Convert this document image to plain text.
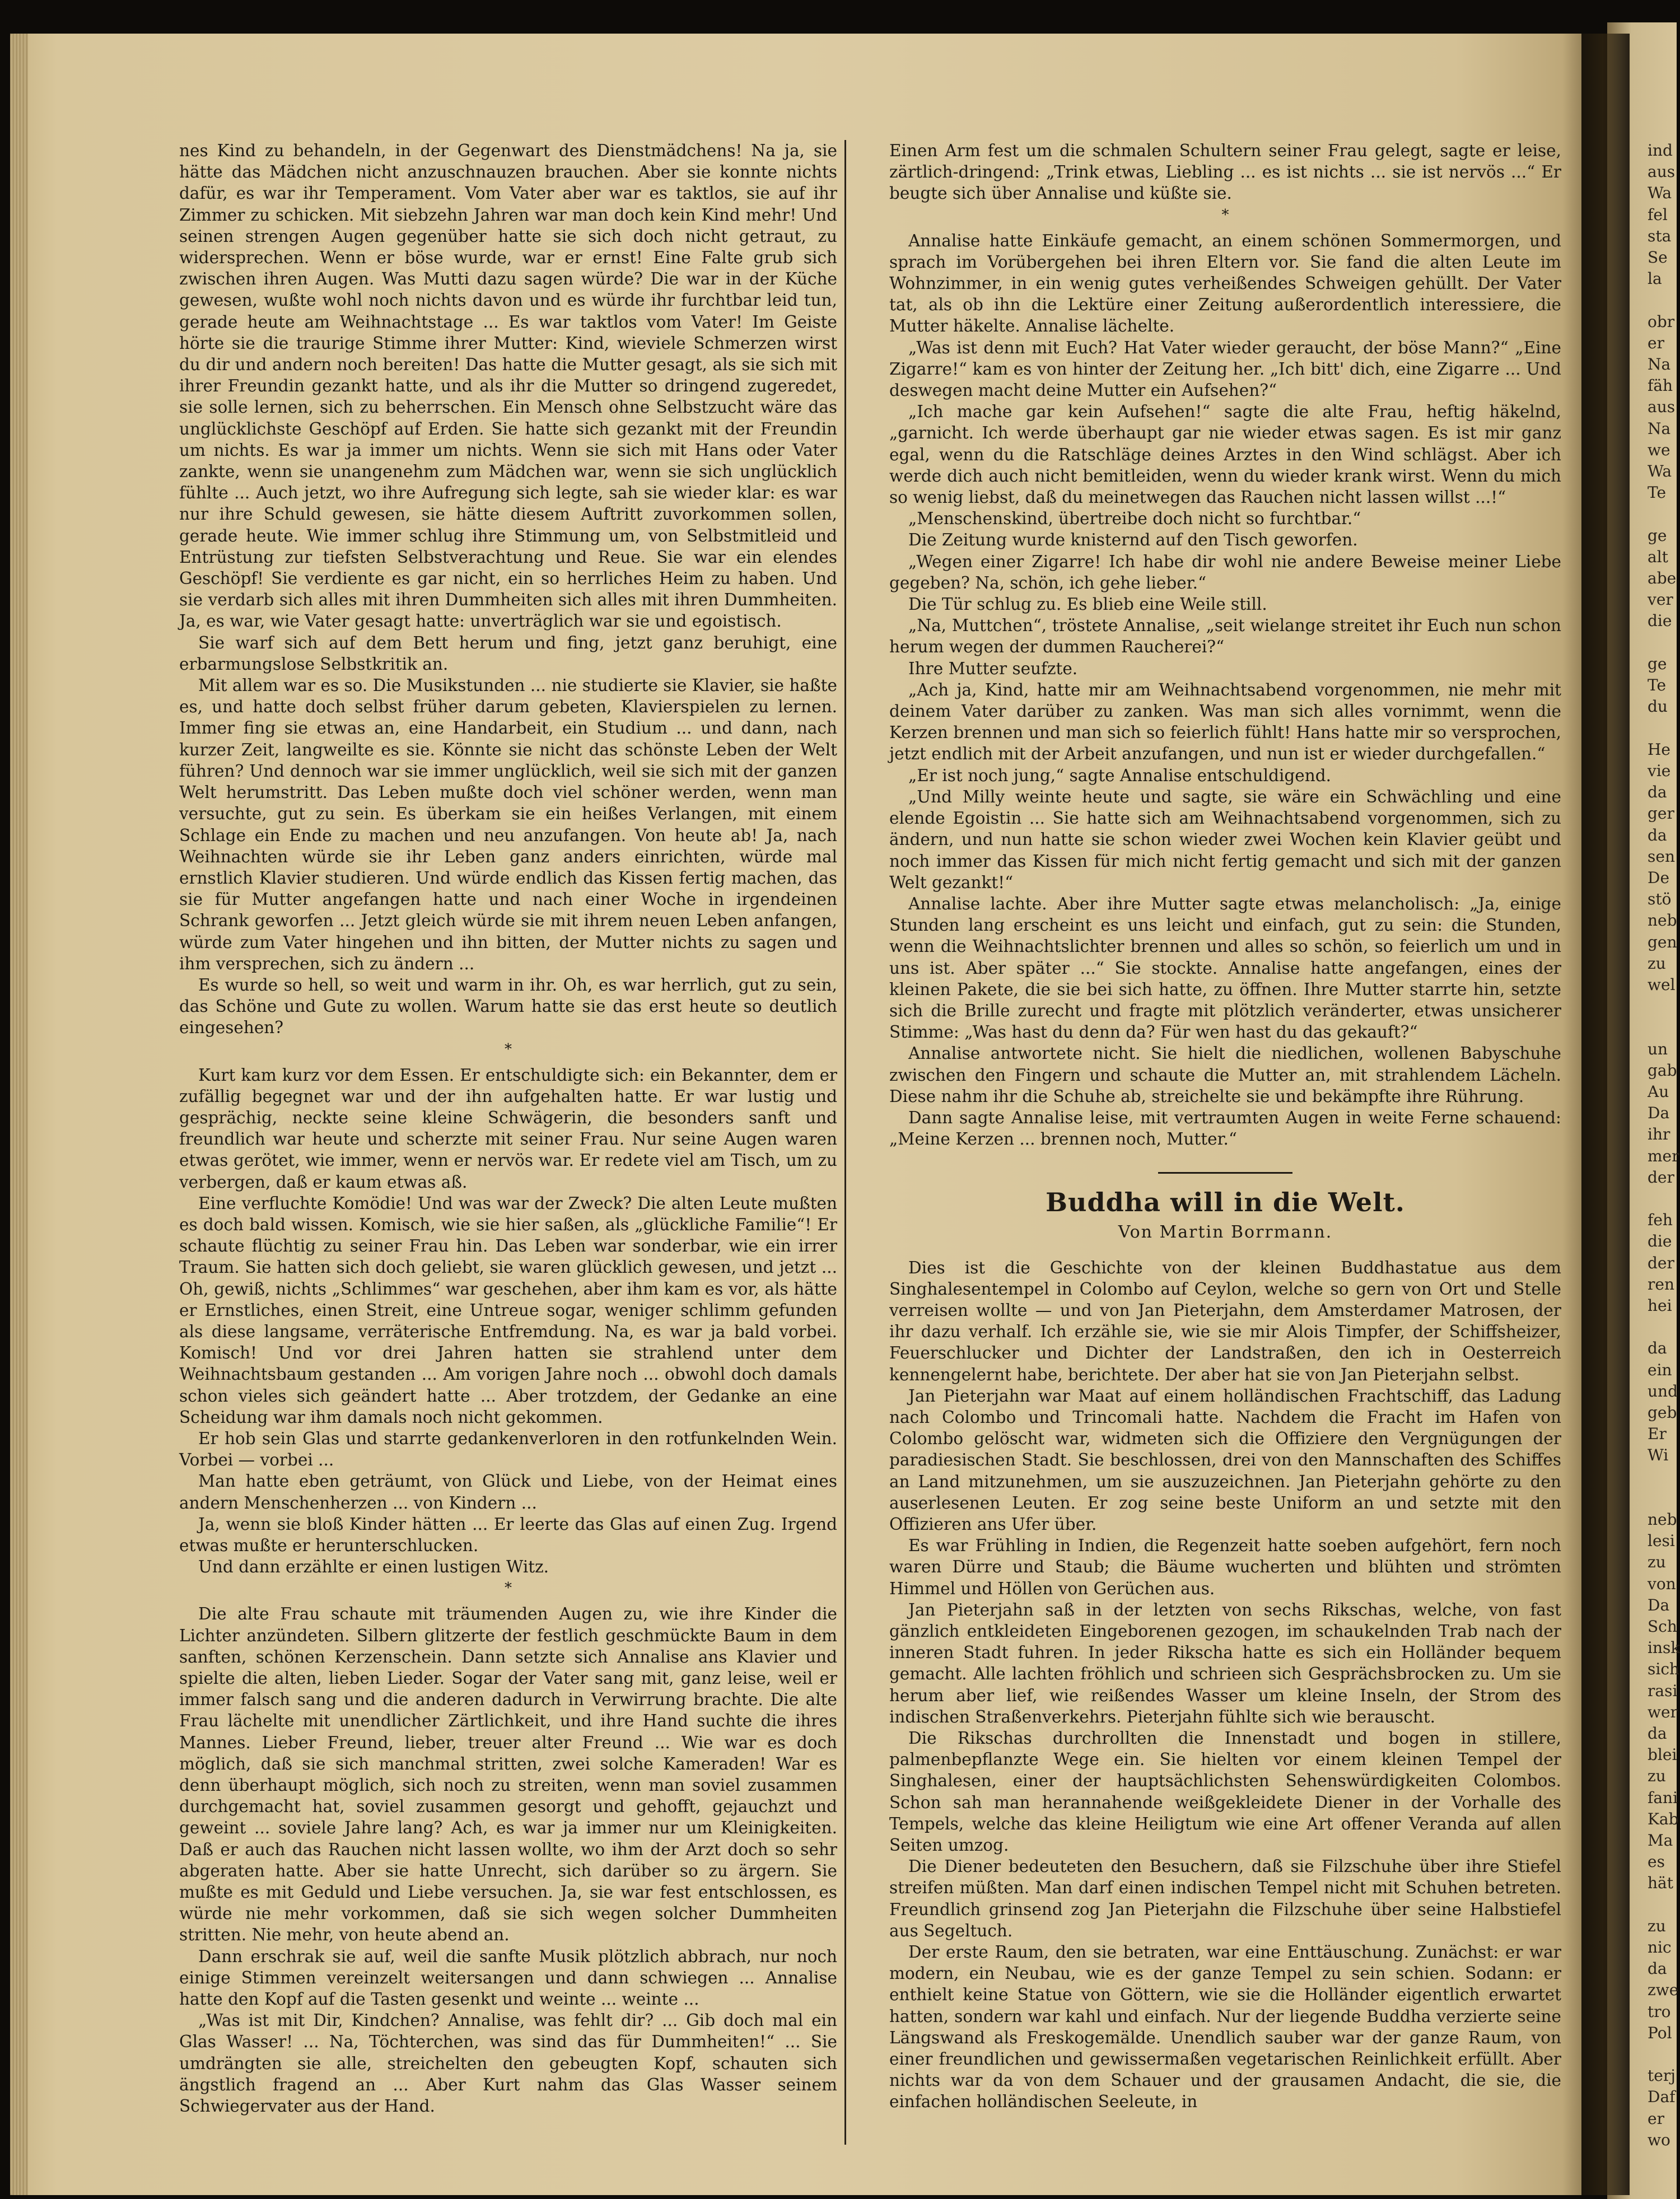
nes Kind zu behandeln, in der Gegenwart des Dienstmädchens! Na ja, sie hätte das Mädchen nicht anzuschnauzen brauchen. Aber sie konnte nichts dafür, es war ihr Temperament. Vom Vater aber war es taktlos, sie auf ihr Zimmer zu schicken. Mit siebzehn Jahren war man doch kein Kind mehr! Und seinen strengen Augen gegenüber hatte sie sich doch nicht getraut, zu widersprechen. Wenn er böse wurde, war er ernst! Eine Falte grub sich zwischen ihren Augen. Was Mutti dazu sagen würde? Die war in der Küche gewesen, wußte wohl noch nichts davon und es würde ihr furchtbar leid tun, gerade heute am Weihnachtstage ... Es war taktlos vom Vater! Im Geiste hörte sie die traurige Stimme ihrer Mutter: Kind, wieviele Schmerzen wirst du dir und andern noch bereiten! Das hatte die Mutter gesagt, als sie sich mit ihrer Freundin gezankt hatte, und als ihr die Mutter so dringend zugeredet, sie solle lernen, sich zu beherrschen. Ein Mensch ohne Selbstzucht wäre das unglücklichste Geschöpf auf Erden. Sie hatte sich gezankt mit der Freundin um nichts. Es war ja immer um nichts. Wenn sie sich mit Hans oder Vater zankte, wenn sie unangenehm zum Mädchen war, wenn sie sich unglücklich fühlte ... Auch jetzt, wo ihre Aufregung sich legte, sah sie wieder klar: es war nur ihre Schuld gewesen, sie hätte diesem Auftritt zuvorkommen sollen, gerade heute. Wie immer schlug ihre Stimmung um, von Selbstmitleid und Entrüstung zur tiefsten Selbstverachtung und Reue. Sie war ein elendes Geschöpf! Sie verdiente es gar nicht, ein so herrliches Heim zu haben. Und sie verdarb sich alles mit ihren Dummheiten sich alles mit ihren Dummheiten. Ja, es war, wie Vater gesagt hatte: unverträglich war sie und egoistisch.

Sie warf sich auf dem Bett herum und fing, jetzt ganz beruhigt, eine erbarmungslose Selbstkritik an.

Mit allem war es so. Die Musikstunden ... nie studierte sie Klavier, sie haßte es, und hatte doch selbst früher darum gebeten, Klavierspielen zu lernen. Immer fing sie etwas an, eine Handarbeit, ein Studium ... und dann, nach kurzer Zeit, langweilte es sie. Könnte sie nicht das schönste Leben der Welt führen? Und dennoch war sie immer unglücklich, weil sie sich mit der ganzen Welt herumstritt. Das Leben mußte doch viel schöner werden, wenn man versuchte, gut zu sein. Es überkam sie ein heißes Verlangen, mit einem Schlage ein Ende zu machen und neu anzufangen. Von heute ab! Ja, nach Weihnachten würde sie ihr Leben ganz anders einrichten, würde mal ernstlich Klavier studieren. Und würde endlich das Kissen fertig machen, das sie für Mutter angefangen hatte und nach einer Woche in irgendeinen Schrank geworfen ... Jetzt gleich würde sie mit ihrem neuen Leben anfangen, würde zum Vater hingehen und ihn bitten, der Mutter nichts zu sagen und ihm versprechen, sich zu ändern ...

Es wurde so hell, so weit und warm in ihr. Oh, es war herrlich, gut zu sein, das Schöne und Gute zu wollen. Warum hatte sie das erst heute so deutlich eingesehen?

*

Kurt kam kurz vor dem Essen. Er entschuldigte sich: ein Bekannter, dem er zufällig begegnet war und der ihn aufgehalten hatte. Er war lustig und gesprächig, neckte seine kleine Schwägerin, die besonders sanft und freundlich war heute und scherzte mit seiner Frau. Nur seine Augen waren etwas gerötet, wie immer, wenn er nervös war. Er redete viel am Tisch, um zu verbergen, daß er kaum etwas aß.

Eine verfluchte Komödie! Und was war der Zweck? Die alten Leute mußten es doch bald wissen. Komisch, wie sie hier saßen, als „glückliche Familie“! Er schaute flüchtig zu seiner Frau hin. Das Leben war sonderbar, wie ein irrer Traum. Sie hatten sich doch geliebt, sie waren glücklich gewesen, und jetzt ... Oh, gewiß, nichts „Schlimmes“ war geschehen, aber ihm kam es vor, als hätte er Ernstliches, einen Streit, eine Untreue sogar, weniger schlimm gefunden als diese langsame, verräterische Entfremdung. Na, es war ja bald vorbei. Komisch! Und vor drei Jahren hatten sie strahlend unter dem Weihnachtsbaum gestanden ... Am vorigen Jahre noch ... obwohl doch damals schon vieles sich geändert hatte ... Aber trotzdem, der Gedanke an eine Scheidung war ihm damals noch nicht gekommen.

Er hob sein Glas und starrte gedankenverloren in den rotfunkelnden Wein. Vorbei — vorbei ...

Man hatte eben geträumt, von Glück und Liebe, von der Heimat eines andern Menschenherzen ... von Kindern ...

Ja, wenn sie bloß Kinder hätten ... Er leerte das Glas auf einen Zug. Irgend etwas mußte er herunterschlucken.

Und dann erzählte er einen lustigen Witz.

*

Die alte Frau schaute mit träumenden Augen zu, wie ihre Kinder die Lichter anzündeten. Silbern glitzerte der festlich geschmückte Baum in dem sanften, schönen Kerzenschein. Dann setzte sich Annalise ans Klavier und spielte die alten, lieben Lieder. Sogar der Vater sang mit, ganz leise, weil er immer falsch sang und die anderen dadurch in Verwirrung brachte. Die alte Frau lächelte mit unendlicher Zärtlichkeit, und ihre Hand suchte die ihres Mannes. Lieber Freund, lieber, treuer alter Freund ... Wie war es doch möglich, daß sie sich manchmal stritten, zwei solche Kameraden! War es denn überhaupt möglich, sich noch zu streiten, wenn man soviel zusammen durchgemacht hat, soviel zusammen gesorgt und gehofft, gejauchzt und geweint ... soviele Jahre lang? Ach, es war ja immer nur um Kleinigkeiten. Daß er auch das Rauchen nicht lassen wollte, wo ihm der Arzt doch so sehr abgeraten hatte. Aber sie hatte Unrecht, sich darüber so zu ärgern. Sie mußte es mit Geduld und Liebe versuchen. Ja, sie war fest entschlossen, es würde nie mehr vorkommen, daß sie sich wegen solcher Dummheiten stritten. Nie mehr, von heute abend an.

Dann erschrak sie auf, weil die sanfte Musik plötzlich abbrach, nur noch einige Stimmen vereinzelt weitersangen und dann schwiegen ... Annalise hatte den Kopf auf die Tasten gesenkt und weinte ... weinte ...

„Was ist mit Dir, Kindchen? Annalise, was fehlt dir? ... Gib doch mal ein Glas Wasser! ... Na, Töchterchen, was sind das für Dummheiten!“ ... Sie umdrängten sie alle, streichelten den gebeugten Kopf, schauten sich ängstlich fragend an ... Aber Kurt nahm das Glas Wasser seinem Schwiegervater aus der Hand.

Einen Arm fest um die schmalen Schultern seiner Frau gelegt, sagte er leise, zärtlich-dringend: „Trink etwas, Liebling ... es ist nichts ... sie ist nervös ...“ Er beugte sich über Annalise und küßte sie.

*

Annalise hatte Einkäufe gemacht, an einem schönen Sommermorgen, und sprach im Vorübergehen bei ihren Eltern vor. Sie fand die alten Leute im Wohnzimmer, in ein wenig gutes verheißendes Schweigen gehüllt. Der Vater tat, als ob ihn die Lektüre einer Zeitung außerordentlich interessiere, die Mutter häkelte. Annalise lächelte.

„Was ist denn mit Euch? Hat Vater wieder geraucht, der böse Mann?“ „Eine Zigarre!“ kam es von hinter der Zeitung her. „Ich bitt' dich, eine Zigarre ... Und deswegen macht deine Mutter ein Aufsehen?“

„Ich mache gar kein Aufsehen!“ sagte die alte Frau, heftig häkelnd, „garnicht. Ich werde überhaupt gar nie wieder etwas sagen. Es ist mir ganz egal, wenn du die Ratschläge deines Arztes in den Wind schlägst. Aber ich werde dich auch nicht bemitleiden, wenn du wieder krank wirst. Wenn du mich so wenig liebst, daß du meinetwegen das Rauchen nicht lassen willst ...!“

„Menschenskind, übertreibe doch nicht so furchtbar.“

Die Zeitung wurde knisternd auf den Tisch geworfen.

„Wegen einer Zigarre! Ich habe dir wohl nie andere Beweise meiner Liebe gegeben? Na, schön, ich gehe lieber.“

Die Tür schlug zu. Es blieb eine Weile still.

„Na, Muttchen“, tröstete Annalise, „seit wielange streitet ihr Euch nun schon herum wegen der dummen Raucherei?“

Ihre Mutter seufzte.

„Ach ja, Kind, hatte mir am Weihnachtsabend vorgenommen, nie mehr mit deinem Vater darüber zu zanken. Was man sich alles vornimmt, wenn die Kerzen brennen und man sich so feierlich fühlt! Hans hatte mir so versprochen, jetzt endlich mit der Arbeit anzufangen, und nun ist er wieder durchgefallen.“

„Er ist noch jung,“ sagte Annalise entschuldigend.

„Und Milly weinte heute und sagte, sie wäre ein Schwächling und eine elende Egoistin ... Sie hatte sich am Weihnachtsabend vorgenommen, sich zu ändern, und nun hatte sie schon wieder zwei Wochen kein Klavier geübt und noch immer das Kissen für mich nicht fertig gemacht und sich mit der ganzen Welt gezankt!“

Annalise lachte. Aber ihre Mutter sagte etwas melancholisch: „Ja, einige Stunden lang erscheint es uns leicht und einfach, gut zu sein: die Stunden, wenn die Weihnachtslichter brennen und alles so schön, so feierlich um und in uns ist. Aber später ...“ Sie stockte. Annalise hatte angefangen, eines der kleinen Pakete, die sie bei sich hatte, zu öffnen. Ihre Mutter starrte hin, setzte sich die Brille zurecht und fragte mit plötzlich veränderter, etwas unsicherer Stimme: „Was hast du denn da? Für wen hast du das gekauft?“

Annalise antwortete nicht. Sie hielt die niedlichen, wollenen Babyschuhe zwischen den Fingern und schaute die Mutter an, mit strahlendem Lächeln. Diese nahm ihr die Schuhe ab, streichelte sie und bekämpfte ihre Rührung.

Dann sagte Annalise leise, mit vertraumten Augen in weite Ferne schauend: „Meine Kerzen ... brennen noch, Mutter.“

Buddha will in die Welt.
Von Martin Borrmann.

Dies ist die Geschichte von der kleinen Buddhastatue aus dem Singhalesentempel in Colombo auf Ceylon, welche so gern von Ort und Stelle verreisen wollte — und von Jan Pieterjahn, dem Amsterdamer Matrosen, der ihr dazu verhalf. Ich erzähle sie, wie sie mir Alois Timpfer, der Schiffsheizer, Feuerschlucker und Dichter der Landstraßen, den ich in Oesterreich kennengelernt habe, berichtete. Der aber hat sie von Jan Pieterjahn selbst.

Jan Pieterjahn war Maat auf einem holländischen Frachtschiff, das Ladung nach Colombo und Trincomali hatte. Nachdem die Fracht im Hafen von Colombo gelöscht war, widmeten sich die Offiziere den Vergnügungen der paradiesischen Stadt. Sie beschlossen, drei von den Mannschaften des Schiffes an Land mitzunehmen, um sie auszuzeichnen. Jan Pieterjahn gehörte zu den auserlesenen Leuten. Er zog seine beste Uniform an und setzte mit den Offizieren ans Ufer über.

Es war Frühling in Indien, die Regenzeit hatte soeben aufgehört, fern noch waren Dürre und Staub; die Bäume wucherten und blühten und strömten Himmel und Höllen von Gerüchen aus.

Jan Pieterjahn saß in der letzten von sechs Rikschas, welche, von fast gänzlich entkleideten Eingeborenen gezogen, im schaukelnden Trab nach der inneren Stadt fuhren. In jeder Rikscha hatte es sich ein Holländer bequem gemacht. Alle lachten fröhlich und schrieen sich Gesprächsbrocken zu. Um sie herum aber lief, wie reißendes Wasser um kleine Inseln, der Strom des indischen Straßenverkehrs. Pieterjahn fühlte sich wie berauscht.

Die Rikschas durchrollten die Innenstadt und bogen in stillere, palmenbepflanzte Wege ein. Sie hielten vor einem kleinen Tempel der Singhalesen, einer der hauptsächlichsten Sehenswürdigkeiten Colombos. Schon sah man herannahende weißgekleidete Diener in der Vorhalle des Tempels, welche das kleine Heiligtum wie eine Art offener Veranda auf allen Seiten umzog.

Die Diener bedeuteten den Besuchern, daß sie Filzschuhe über ihre Stiefel streifen müßten. Man darf einen indischen Tempel nicht mit Schuhen betreten. Freundlich grinsend zog Jan Pieterjahn die Filzschuhe über seine Halbstiefel aus Segeltuch.

Der erste Raum, den sie betraten, war eine Enttäuschung. Zunächst: er war modern, ein Neubau, wie es der ganze Tempel zu sein schien. Sodann: er enthielt keine Statue von Göttern, wie sie die Holländer eigentlich erwartet hatten, sondern war kahl und einfach. Nur der liegende Buddha verzierte seine Längswand als Freskogemälde. Unendlich sauber war der ganze Raum, von einer freundlichen und gewissermaßen vegetarischen Reinlichkeit erfüllt. Aber nichts war da von dem Schauer und der grausamen Andacht, die sie, die einfachen holländischen Seeleute, in

ind
aus
Wa
fel
sta
Se
la

obr
er
Na
fäh
aus
Na
we
Wa
Te

ge
alt
abe
ver
die

ge
Te
du

He
vie
da
ger
da
sen
De
stö
neb
gen
zu
wel

un
gab
Au
Da
ihr
mer
der

feh
die
der
ren
hei

da
ein
und
geb
Er
Wi

neb
lesi
zu
von
Da
Sch
insk
sich
rasi
wer
da
blei
zu
fani
Kab
Ma
es
hät

zu
nic
da
zwe
tro
Pol

terj
Daf
er
wo
